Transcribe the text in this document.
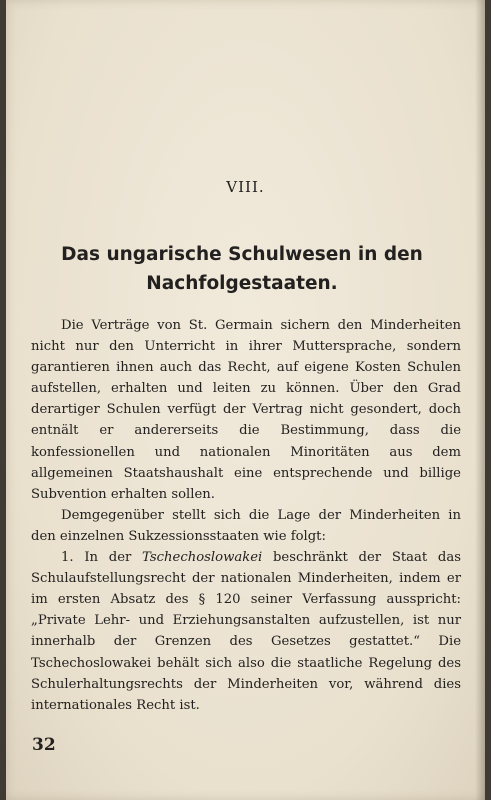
VIII.
Das ungarische Schulwesen in den
Nachfolgestaaten.

Die Verträge von St. Germain sichern den Minderheiten nicht nur den Unterricht in ihrer Muttersprache, sondern garantieren ihnen auch das Recht, auf eigene Kosten Schulen aufstellen, erhalten und leiten zu können. Über den Grad derartiger Schulen verfügt der Vertrag nicht gesondert, doch entnält er andererseits die Bestimmung, dass die konfessionellen und nationalen Minoritäten aus dem allgemeinen Staatshaushalt eine entsprechende und billige Subvention erhalten sollen.

Demgegenüber stellt sich die Lage der Minderheiten in den einzelnen Sukzessionsstaaten wie folgt:

1. In der Tschechoslowakei beschränkt der Staat das Schulaufstellungsrecht der nationalen Minderheiten, indem er im ersten Absatz des § 120 seiner Verfassung ausspricht: „Private Lehr- und Erziehungsanstalten aufzustellen, ist nur innerhalb der Grenzen des Gesetzes gestattet.“ Die Tschechoslowakei behält sich also die staatliche Regelung des Schulerhaltungsrechts der Minderheiten vor, während dies internationales Recht ist.

32
